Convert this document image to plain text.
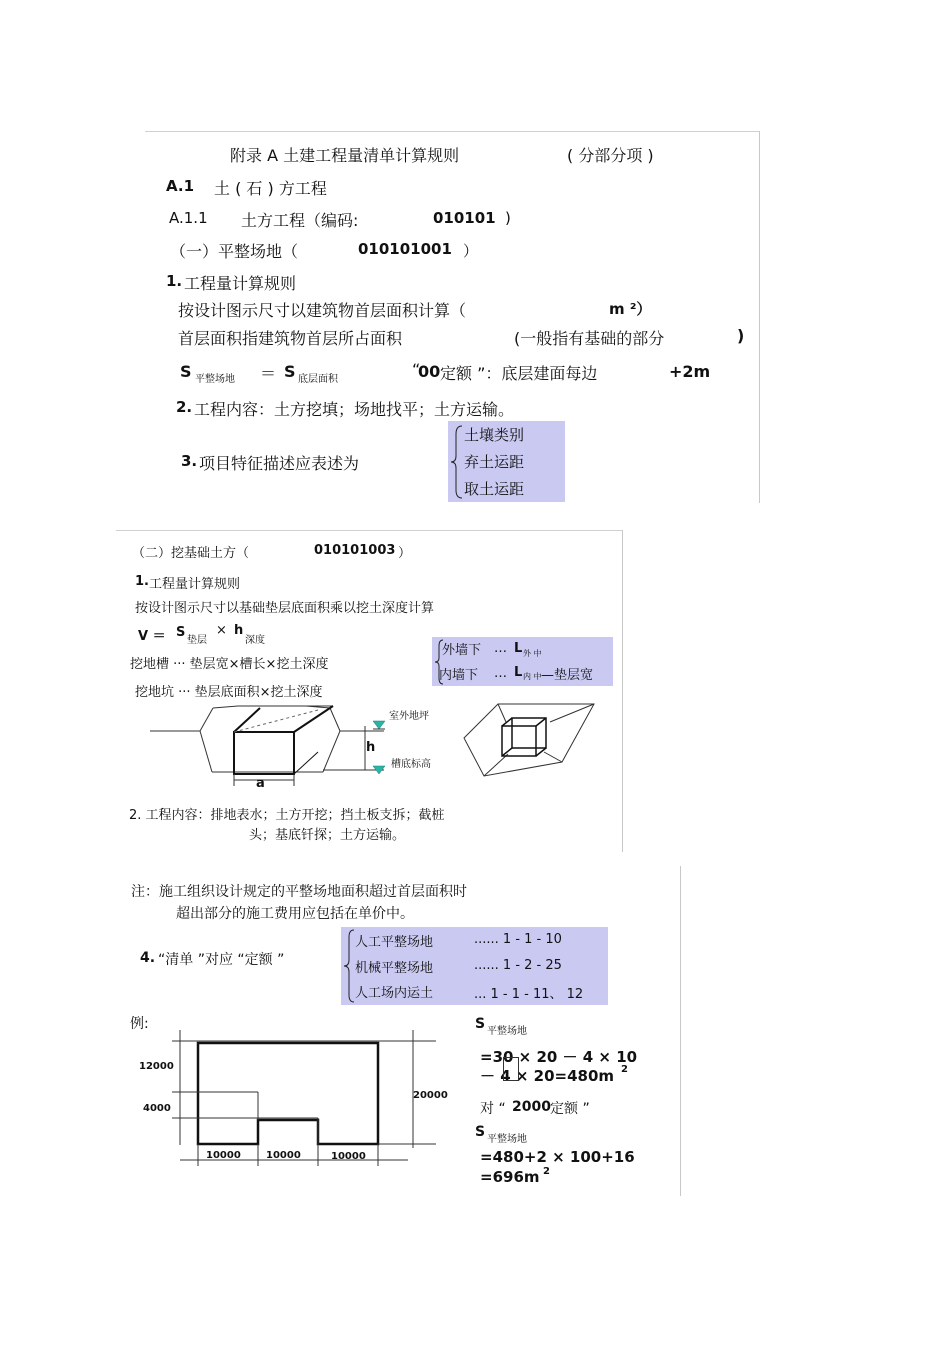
附录 A 土建工程量清单计算规则	( 分部分项 )
A.1 土 ( 石 ) 方工程
A.1.1 土方工程（编码:	010101 )
（一）平整场地（	010101001 ）
1. 工程量计算规则
按设计图示尺寸以建筑物首层面积计算（	m ²）
首层面积指建筑物首层所占面积	(一般指有基础的部分	)
S 平整场地 ＝ S 底层面积
“
00 定额 ”：底层建面每边	+2m
2. 工程内容：土方挖填；场地找平；土方运输。
3. 项目特征描述应表述为
土壤类别
弃土运距
取土运距
（二）挖基础土方（	010101003 ）
1. 工程量计算规则
按设计图示尺寸以基础垫层底面积乘以挖土深度计算
V ＝ S
垫层
× h
深度
挖地槽 ··· 垫层宽×槽长×挖土深度
挖地坑 ··· 垫层底面积×挖土深度
外墙下 … L 外 中
内墙下 … L 内 中 —垫层宽
室外地坪
槽底标高
h
a
2. 工程内容：排地表水；土方开挖；挡土板支拆；截桩
头；基底钎探；土方运输。
注：施工组织设计规定的平整场地面积超过首层面积时
超出部分的施工费用应包括在单价中。
4. “清单 ”对应 “定额 ”
人工平整场地	...... 1 - 1 - 10
机械平整场地	...... 1 - 2 - 25
人工场内运土	... 1 - 1 - 11、 12
例:
12000
4000
20000
10000	10000	10000
S 平整场地
=30 × 20 － 4 × 10
－ 4 × 20=480m 2
对 “ 2000 定额 ”
S 平整场地
=480+2 × 100+16
=696m 2
